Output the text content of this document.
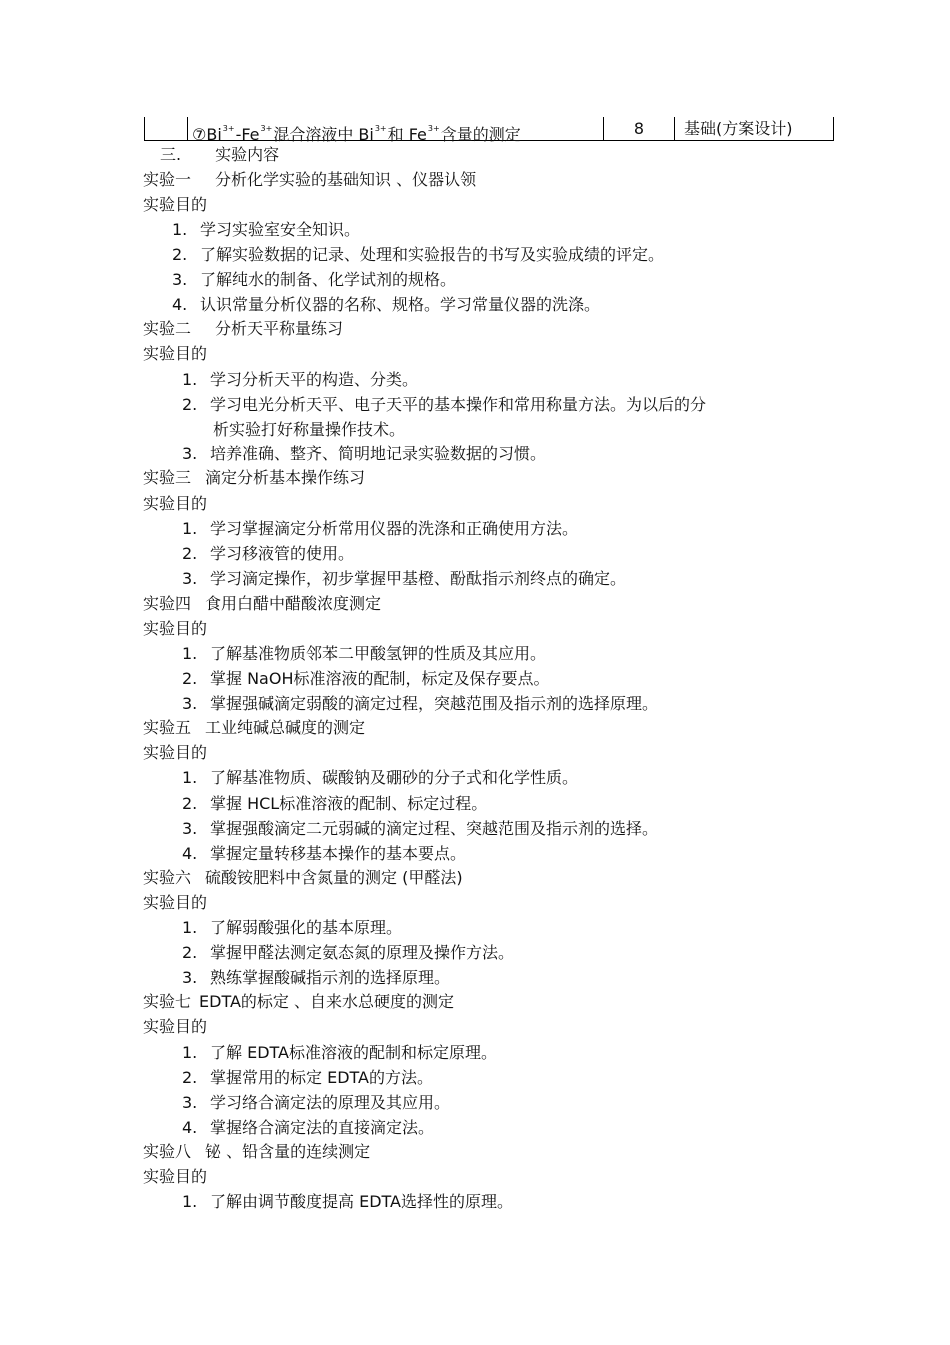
$⑦Bi^{3+}-Fe^{3+}$混合溶液中 $Bi^{3+}$和 $Fe^{3+}$含量的测定	8	基础(方案设计)
三. 实验内容
实验一 分析化学实验的基础知识 、仪器认领
实验目的
1. 学习实验室安全知识。
2. 了解实验数据的记录、处理和实验报告的书写及实验成绩的评定。
3. 了解纯水的制备、化学试剂的规格。
4. 认识常量分析仪器的名称、规格。学习常量仪器的洗涤。
实验二 分析天平称量练习
实验目的
1. 学习分析天平的构造、分类。
2. 学习电光分析天平、电子天平的基本操作和常用称量方法。为以后的分
析实验打好称量操作技术。
3. 培养准确、整齐、简明地记录实验数据的习惯。
实验三 滴定分析基本操作练习
实验目的
1. 学习掌握滴定分析常用仪器的洗涤和正确使用方法。
2. 学习移液管的使用。
3. 学习滴定操作，初步掌握甲基橙、酚酞指示剂终点的确定。
实验四 食用白醋中醋酸浓度测定
实验目的
1. 了解基准物质邻苯二甲酸氢钾的性质及其应用。
2. 掌握 NaOH标准溶液的配制，标定及保存要点。
3. 掌握强碱滴定弱酸的滴定过程，突越范围及指示剂的选择原理。
实验五 工业纯碱总碱度的测定
实验目的
1. 了解基准物质、碳酸钠及硼砂的分子式和化学性质。
2. 掌握 HCL标准溶液的配制、标定过程。
3. 掌握强酸滴定二元弱碱的滴定过程、突越范围及指示剂的选择。
4. 掌握定量转移基本操作的基本要点。
实验六 硫酸铵肥料中含氮量的测定 (甲醛法)
实验目的
1. 了解弱酸强化的基本原理。
2. 掌握甲醛法测定氨态氮的原理及操作方法。
3. 熟练掌握酸碱指示剂的选择原理。
实验七 EDTA的标定 、自来水总硬度的测定
实验目的
1. 了解 EDTA标准溶液的配制和标定原理。
2. 掌握常用的标定 EDTA的方法。
3. 学习络合滴定法的原理及其应用。
4. 掌握络合滴定法的直接滴定法。
实验八 铋 、铅含量的连续测定
实验目的
1. 了解由调节酸度提高 EDTA选择性的原理。
